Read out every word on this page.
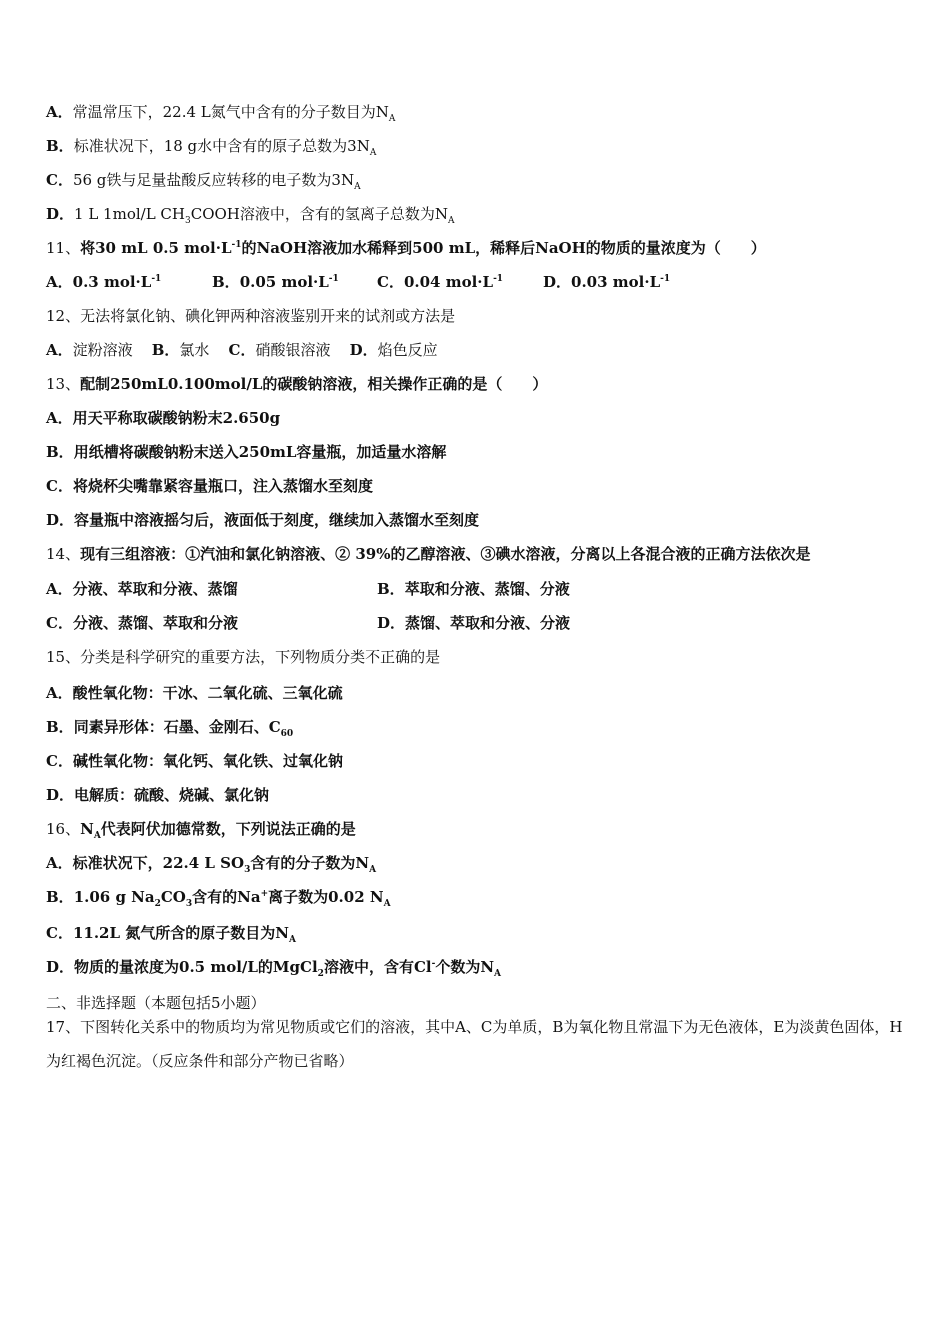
A．常温常压下，22.4 L氮气中含有的分子数目为$N_A$
B．标准状况下，18 g水中含有的原子总数为$3N_A$
C．56 g铁与足量盐酸反应转移的电子数为$3N_A$
D．1 L 1mol/L $CH_3COOH$溶液中，含有的氢离子总数为$N_A$
11、将30 mL 0.5 $mol\cdot L^{-1}$的NaOH溶液加水稀释到500 mL，稀释后NaOH的物质的量浓度为（　　）
A．0.3 $mol\cdot L^{-1}$	B．0.05 $mol\cdot L^{-1}$	C．0.04 $mol\cdot L^{-1}$	D．0.03 $mol\cdot L^{-1}$
12、无法将氯化钠、碘化钾两种溶液鉴别开来的试剂或方法是
A．淀粉溶液 B．氯水 C．硝酸银溶液 D．焰色反应
13、配制250mL0.100mol/L的碳酸钠溶液，相关操作正确的是（　　）
A．用天平称取碳酸钠粉末2.650g
B．用纸槽将碳酸钠粉末送入250mL容量瓶，加适量水溶解
C．将烧杯尖嘴靠紧容量瓶口，注入蒸馏水至刻度
D．容量瓶中溶液摇匀后，液面低于刻度，继续加入蒸馏水至刻度
14、现有三组溶液：①汽油和氯化钠溶液、② 39%的乙醇溶液、③碘水溶液，分离以上各混合液的正确方法依次是
A．分液、萃取和分液、蒸馏	B．萃取和分液、蒸馏、分液
C．分液、蒸馏、萃取和分液	D．蒸馏、萃取和分液、分液
15、分类是科学研究的重要方法，下列物质分类不正确的是
A．酸性氧化物：干冰、二氧化硫、三氧化硫
B．同素异形体：石墨、金刚石、$C_{60}$
C．碱性氧化物：氧化钙、氧化铁、过氧化钠
D．电解质：硫酸、烧碱、氯化钠
16、$N_A$代表阿伏加德常数，下列说法正确的是
A．标准状况下，22.4 L $SO_3$含有的分子数为$N_A$
B．1.06 g $Na_2CO_3$含有的Na+离子数为0.02 $N_A$
C．11.2L 氮气所含的原子数目为$N_A$
D．物质的量浓度为0.5 mol/L的MgCl$_2$溶液中，含有Cl-个数为$N_A$
二、非选择题（本题包括5小题）
17、下图转化关系中的物质均为常见物质或它们的溶液，其中A、C为单质，B为氧化物且常温下为无色液体，E为淡黄色固体，H为红褐色沉淀。（反应条件和部分产物已省略）
